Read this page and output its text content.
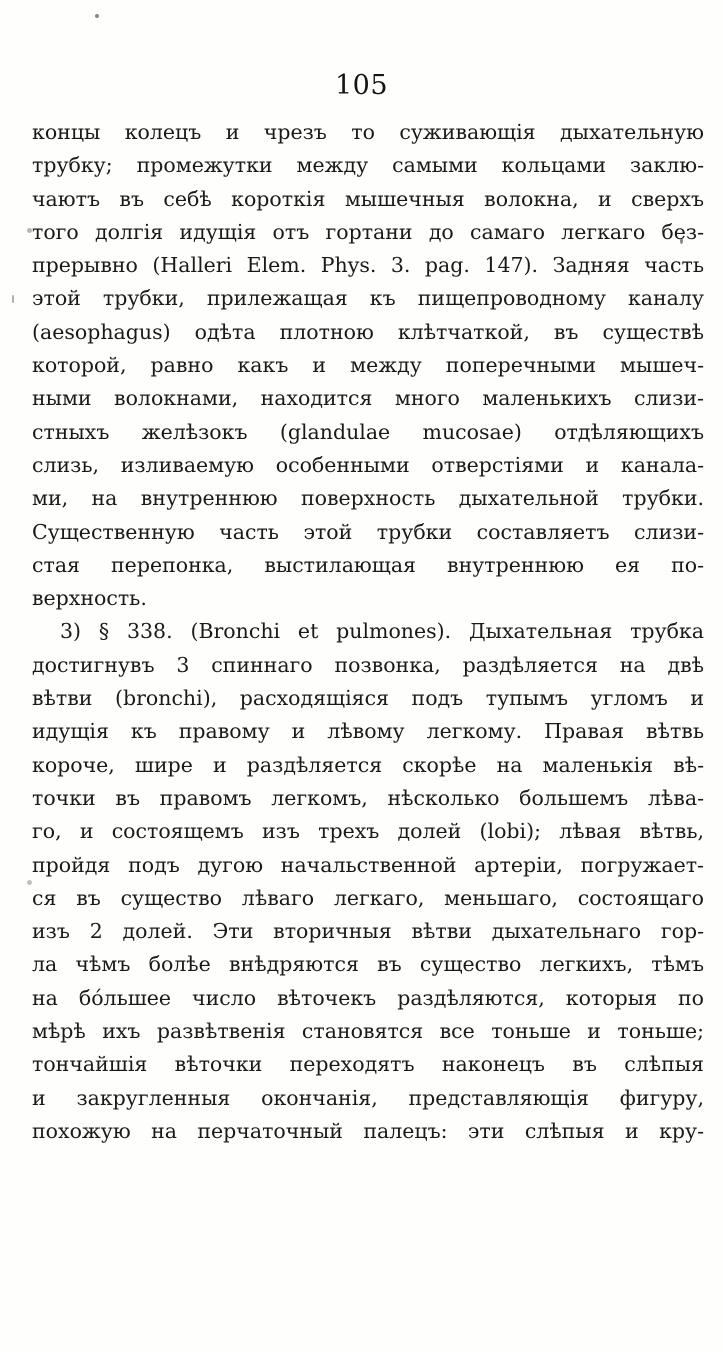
105
концы колецъ и чрезъ то суживающія дыхательную
трубку; промежутки между самыми кольцами заклю-
чаютъ въ себѣ короткія мышечныя волокна, и сверхъ
того долгія идущія отъ гортани до самаго легкаго без-
прерывно (Halleri Elem. Phys. 3. pag. 147). Задняя часть
этой трубки, прилежащая къ пищепроводному каналу
(aesophagus) одѣта плотною клѣтчаткой, въ существѣ
которой, равно какъ и между поперечными мышеч-
ными волокнами, находится много маленькихъ слизи-
стныхъ желѣзокъ (glandulae mucosae) отдѣляющихъ
слизь, изливаемую особенными отверстіями и канала-
ми, на внутреннюю поверхность дыхательной трубки.
Существенную часть этой трубки составляетъ слизи-
стая перепонка, выстилающая внутреннюю ея по-
верхность.
3) § 338. (Bronchi et pulmones). Дыхательная трубка
достигнувъ 3 спиннаго позвонка, раздѣляется на двѣ
вѣтви (bronchi), расходящіяся подъ тупымъ угломъ и
идущія къ правому и лѣвому легкому. Правая вѣтвь
короче, шире и раздѣляется скорѣе на маленькія вѣ-
точки въ правомъ легкомъ, нѣсколько большемъ лѣва-
го, и состоящемъ изъ трехъ долей (lobi); лѣвая вѣтвь,
пройдя подъ дугою начальственной артеріи, погружает-
ся въ существо лѣваго легкаго, меньшаго, состоящаго
изъ 2 долей. Эти вторичныя вѣтви дыхательнаго гор-
ла чѣмъ болѣе внѣдряются въ существо легкихъ, тѣмъ
на бо́льшее число вѣточекъ раздѣляются, которыя по
мѣрѣ ихъ развѣтвенія становятся все тоньше и тоньше;
тончайшія вѣточки переходятъ наконецъ въ слѣпыя
и закругленныя окончанія, представляющія фигуру,
похожую на перчаточный палецъ: эти слѣпыя и кру-
